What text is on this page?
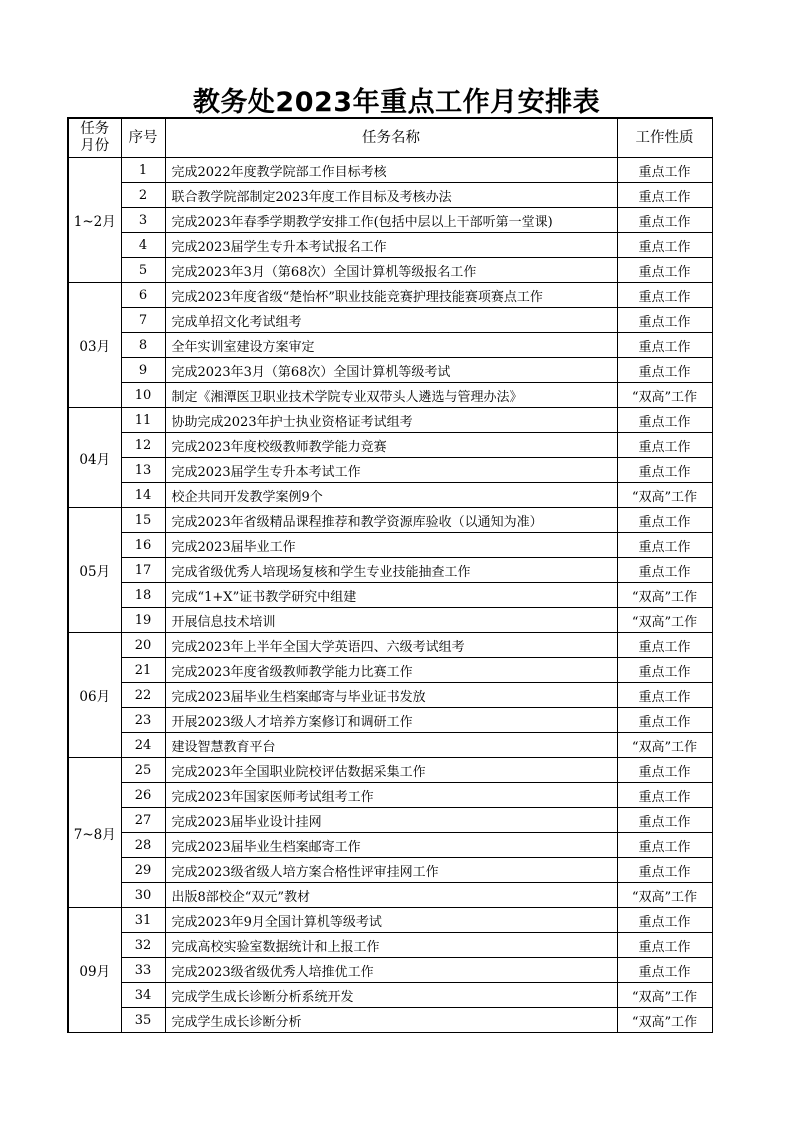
教务处2023年重点工作月安排表
任务
月份	序号	任务名称	工作性质
1~2月	1	完成2022年度教学院部工作目标考核	重点工作
	2	联合教学院部制定2023年度工作目标及考核办法	重点工作
	3	完成2023年春季学期教学安排工作(包括中层以上干部听第一堂课)	重点工作
	4	完成2023届学生专升本考试报名工作	重点工作
	5	完成2023年3月（第68次）全国计算机等级报名工作	重点工作
03月	6	完成2023年度省级“楚怡杯”职业技能竞赛护理技能赛项赛点工作	重点工作
	7	完成单招文化考试组考	重点工作
	8	全年实训室建设方案审定	重点工作
	9	完成2023年3月（第68次）全国计算机等级考试	重点工作
	10	制定《湘潭医卫职业技术学院专业双带头人遴选与管理办法》	“双高”工作
04月	11	协助完成2023年护士执业资格证考试组考	重点工作
	12	完成2023年度校级教师教学能力竞赛	重点工作
	13	完成2023届学生专升本考试工作	重点工作
	14	校企共同开发教学案例9个	“双高”工作
05月	15	完成2023年省级精品课程推荐和教学资源库验收（以通知为准）	重点工作
	16	完成2023届毕业工作	重点工作
	17	完成省级优秀人培现场复核和学生专业技能抽查工作	重点工作
	18	完成“1+X”证书教学研究中组建	“双高”工作
	19	开展信息技术培训	“双高”工作
06月	20	完成2023年上半年全国大学英语四、六级考试组考	重点工作
	21	完成2023年度省级教师教学能力比赛工作	重点工作
	22	完成2023届毕业生档案邮寄与毕业证书发放	重点工作
	23	开展2023级人才培养方案修订和调研工作	重点工作
	24	建设智慧教育平台	“双高”工作
7~8月	25	完成2023年全国职业院校评估数据采集工作	重点工作
	26	完成2023年国家医师考试组考工作	重点工作
	27	完成2023届毕业设计挂网	重点工作
	28	完成2023届毕业生档案邮寄工作	重点工作
	29	完成2023级省级人培方案合格性评审挂网工作	重点工作
	30	出版8部校企“双元”教材	“双高”工作
09月	31	完成2023年9月全国计算机等级考试	重点工作
	32	完成高校实验室数据统计和上报工作	重点工作
	33	完成2023级省级优秀人培推优工作	重点工作
	34	完成学生成长诊断分析系统开发	“双高”工作
	35	完成学生成长诊断分析	“双高”工作
